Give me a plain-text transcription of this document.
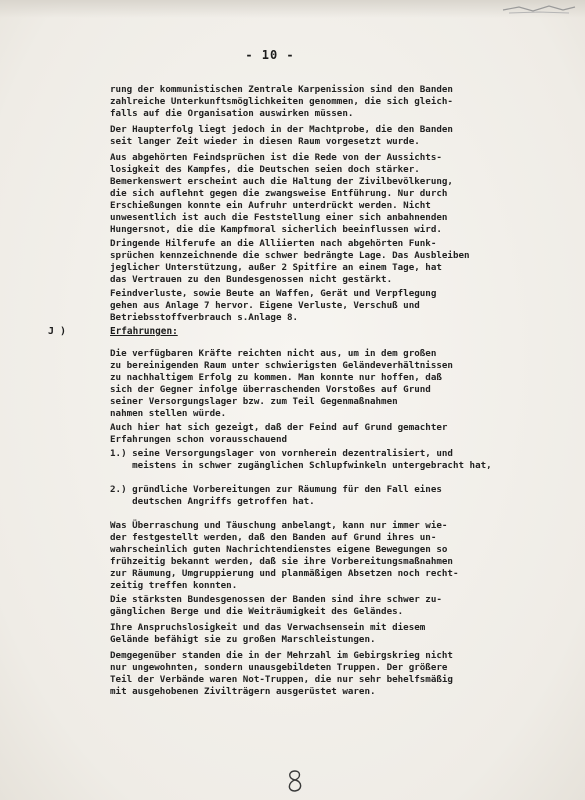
- 10 -
rung der kommunistischen Zentrale Karpenission sind den Banden
zahlreiche Unterkunftsmöglichkeiten genommen, die sich gleich-
falls auf die Organisation auswirken müssen.
Der Haupterfolg liegt jedoch in der Machtprobe, die den Banden
seit langer Zeit wieder in diesen Raum vorgesetzt wurde.
Aus abgehörten Feindsprüchen ist die Rede von der Aussichts-
losigkeit des Kampfes, die Deutschen seien doch stärker.
Bemerkenswert erscheint auch die Haltung der Zivilbevölkerung,
die sich auflehnt gegen die zwangsweise Entführung. Nur durch
Erschießungen konnte ein Aufruhr unterdrückt werden. Nicht
unwesentlich ist auch die Feststellung einer sich anbahnenden
Hungersnot, die die Kampfmoral sicherlich beeinflussen wird.
Dringende Hilferufe an die Alliierten nach abgehörten Funk-
sprüchen kennzeichnende die schwer bedrängte Lage. Das Ausbleiben
jeglicher Unterstützung, außer 2 Spitfire an einem Tage, hat
das Vertrauen zu den Bundesgenossen nicht gestärkt.
Feindverluste, sowie Beute an Waffen, Gerät und Verpflegung
gehen aus Anlage 7 hervor. Eigene Verluste, Verschuß und
Betriebsstoffverbrauch s.Anlage 8.
J )	Erfahrungen:
Die verfügbaren Kräfte reichten nicht aus, um in dem großen
zu bereinigenden Raum unter schwierigsten Geländeverhältnissen
zu nachhaltigem Erfolg zu kommen. Man konnte nur hoffen, daß
sich der Gegner infolge überraschenden Vorstoßes auf Grund
seiner Versorgungslager bzw. zum Teil Gegenmaßnahmen
nahmen stellen würde.
Auch hier hat sich gezeigt, daß der Feind auf Grund gemachter
Erfahrungen schon vorausschauend
1.) seine Versorgungslager von vornherein dezentralisiert, und
meistens in schwer zugänglichen Schlupfwinkeln untergebracht hat,
2.) gründliche Vorbereitungen zur Räumung für den Fall eines
deutschen Angriffs getroffen hat.
Was Überraschung und Täuschung anbelangt, kann nur immer wie-
der festgestellt werden, daß den Banden auf Grund ihres un-
wahrscheinlich guten Nachrichtendienstes eigene Bewegungen so
frühzeitig bekannt werden, daß sie ihre Vorbereitungsmaßnahmen
zur Räumung, Umgruppierung und planmäßigen Absetzen noch recht-
zeitig treffen konnten.
Die stärksten Bundesgenossen der Banden sind ihre schwer zu-
gänglichen Berge und die Weiträumigkeit des Geländes.
Ihre Anspruchslosigkeit und das Verwachsensein mit diesem
Gelände befähigt sie zu großen Marschleistungen.
Demgegenüber standen die in der Mehrzahl im Gebirgskrieg nicht
nur ungewohnten, sondern unausgebildeten Truppen. Der größere
Teil der Verbände waren Not-Truppen, die nur sehr behelfsmäßig
mit ausgehobenen Zivilträgern ausgerüstet waren.
